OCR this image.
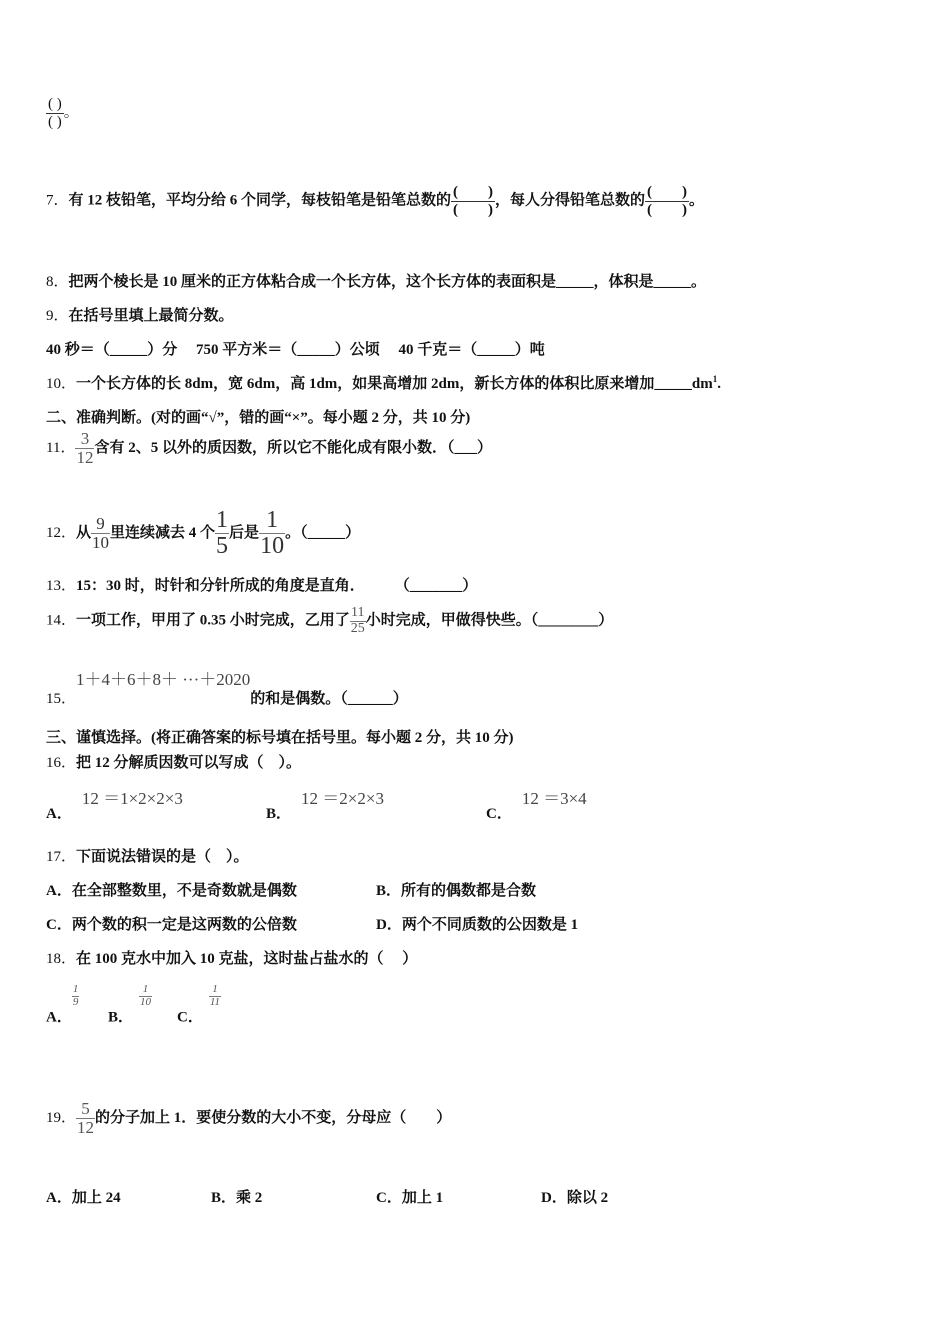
$\frac{( )}{( )}$ 。
7．有 12 枝铅笔，平均分给 6 个同学，每枝铅笔是铅笔总数的 $\frac{( )}{( )}$ ，每人分得铅笔总数的 $\frac{( )}{( )}$ 。
8．把两个棱长是 10 厘米的正方体粘合成一个长方体，这个长方体的表面积是_____，体积是_____。
9．在括号里填上最简分数。
40 秒＝（_____）分　 750 平方米＝（_____）公顷　 40 千克＝（_____）吨
10．一个长方体的长 8dm，宽 6dm，高 1dm，如果高增加 2dm，新长方体的体积比原来增加$\_\_\_\_\_dm^1$.
二、准确判断。(对的画“√”，错的画“×”。每小题 2 分，共 10 分)
11． $\frac{3}{12}$ 含有 2、5 以外的质因数，所以它不能化成有限小数．（___）
12．从 $\frac{9}{10}$ 里连续减去 4 个 $\frac{1}{5}$ 后是 $\frac{1}{10}$ 。（_____）
13．15：30 时，时针和分针所成的角度是直角．　　　（_______）
14．一项工作，甲用了 0.35 小时完成，乙用了 $\frac{11}{25}$ 小时完成，甲做得快些。（________）
15．1＋4＋6＋8＋ ···＋2020的和是偶数。（______）
三、谨慎选择。(将正确答案的标号填在括号里。每小题 2 分，共 10 分)
16．把 12 分解质因数可以写成（　）。
A．12 ＝1×2×2×3
B．12 ＝2×2×3
C．12 ＝3×4
17．下面说法错误的是（　）。
A．在全部整数里，不是奇数就是偶数	B．所有的偶数都是合数
C．两个数的积一定是这两数的公倍数	D．两个不同质数的公因数是 1
18．在 100 克水中加入 10 克盐，这时盐占盐水的（　 ）
A．
$\frac{1}{9}$
B．
$\frac{1}{10}$
C．
$\frac{1}{11}$
19． $\frac{5}{12}$ 的分子加上 1．要使分数的大小不变，分母应（　　）
A．加上 24	B．乘 2	C．加上 1	D．除以 2
